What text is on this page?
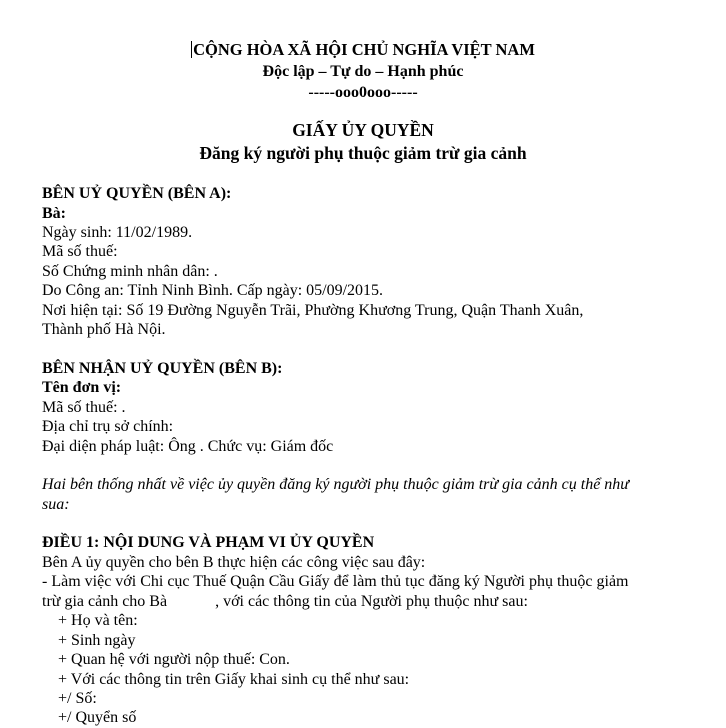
CỘNG HÒA XÃ HỘI CHỦ NGHĨA VIỆT NAM
Độc lập – Tự do – Hạnh phúc
-----ooo0ooo-----
GIẤY ỦY QUYỀN
Đăng ký người phụ thuộc giảm trừ gia cảnh
BÊN UỶ QUYỀN (BÊN A):
Bà:
Ngày sinh: 11/02/1989.
Mã số thuế:
Số Chứng minh nhân dân: .
Do Công an: Tỉnh Ninh Bình. Cấp ngày: 05/09/2015.
Nơi hiện tại: Số 19 Đường Nguyễn Trãi, Phường Khương Trung, Quận Thanh Xuân,
Thành phố Hà Nội.
BÊN NHẬN UỶ QUYỀN (BÊN B):
Tên đơn vị:
Mã số thuế: .
Địa chỉ trụ sở chính:
Đại diện pháp luật: Ông . Chức vụ: Giám đốc
Hai bên thống nhất về việc ủy quyền đăng ký người phụ thuộc giảm trừ gia cảnh cụ thể như
sua:
ĐIỀU 1: NỘI DUNG VÀ PHẠM VI ỦY QUYỀN
Bên A ủy quyền cho bên B thực hiện các công việc sau đây:
- Làm việc với Chi cục Thuế Quận Cầu Giấy để làm thủ tục đăng ký Người phụ thuộc giảm
trừ gia cảnh cho Bà            , với các thông tin của Người phụ thuộc như sau:
+ Họ và tên:
+ Sinh ngày
+ Quan hệ với người nộp thuế: Con.
+ Với các thông tin trên Giấy khai sinh cụ thể như sau:
+/ Số:
+/ Quyển số
